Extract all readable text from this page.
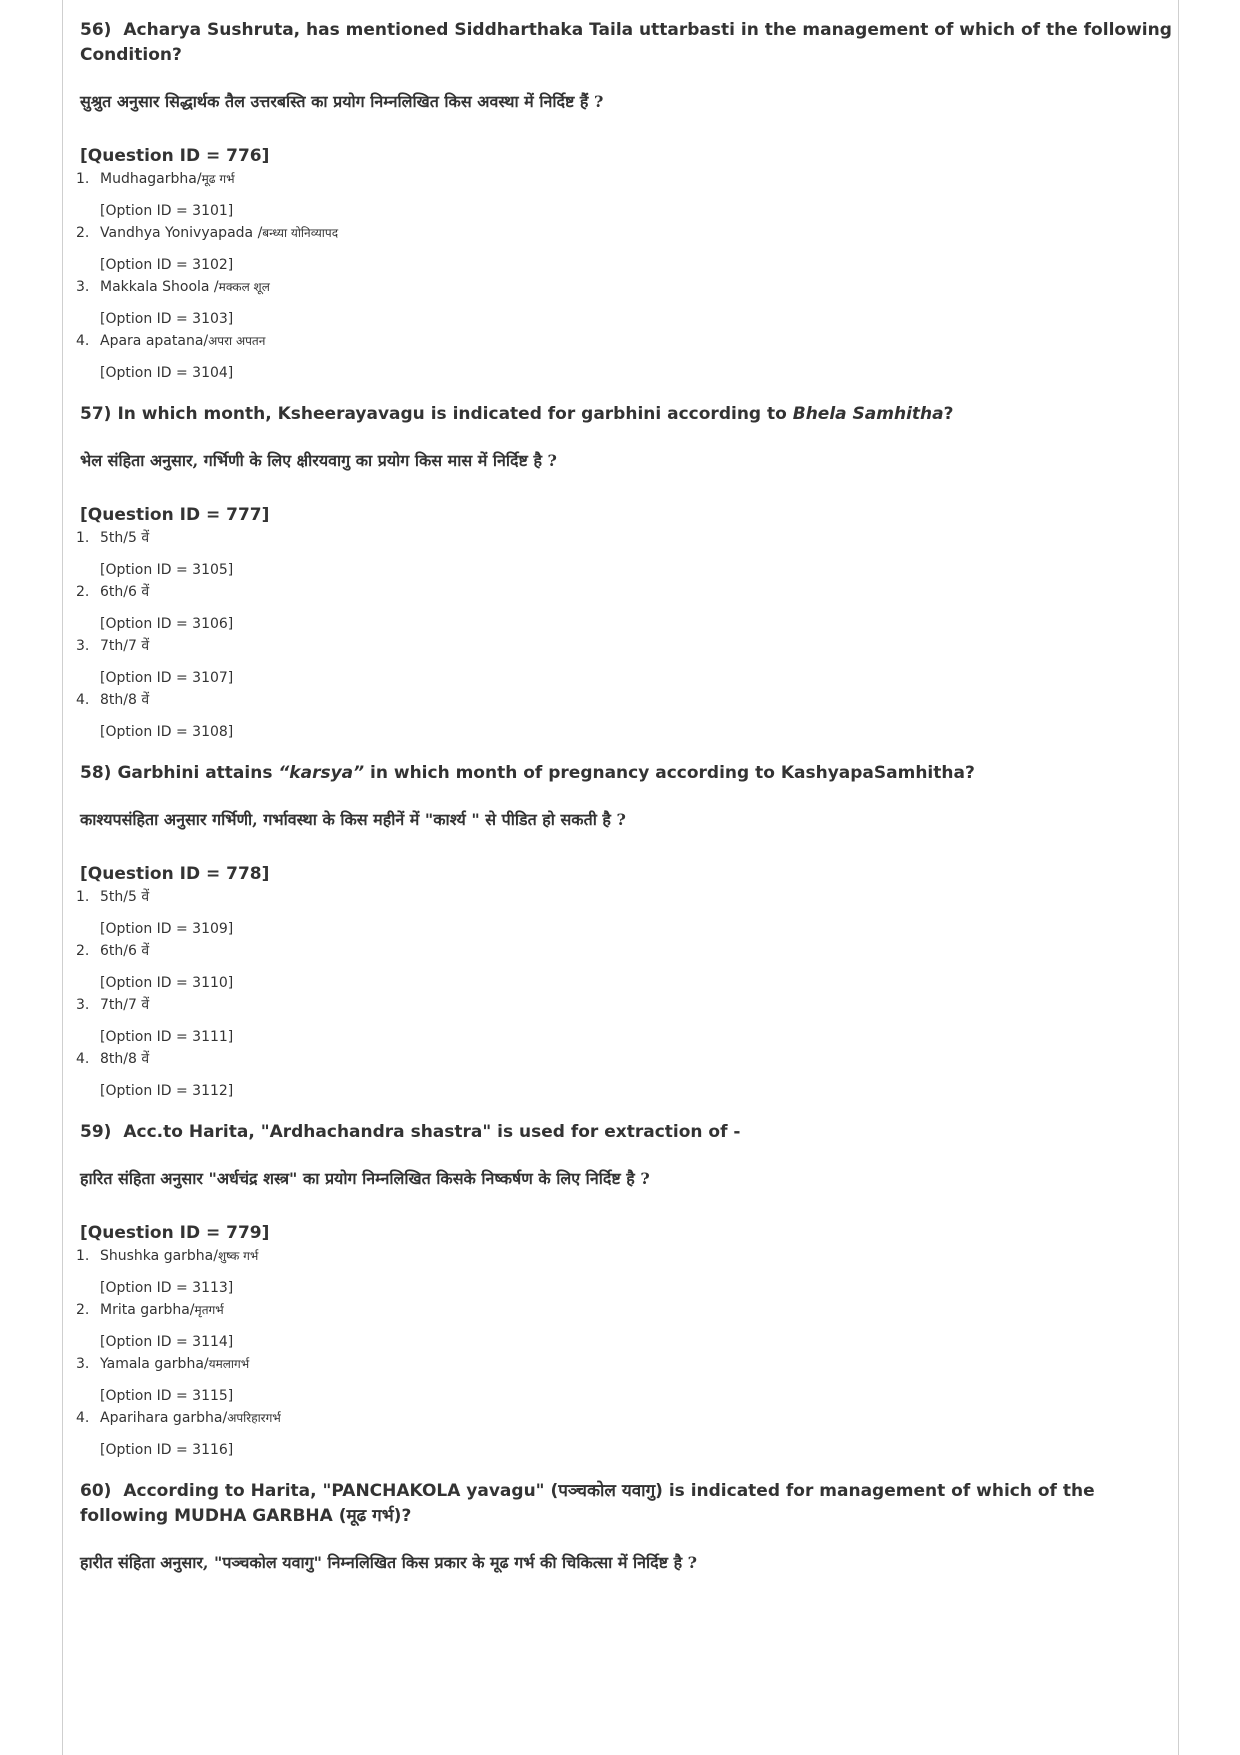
56) Acharya Sushruta, has mentioned Siddharthaka Taila uttarbasti in the management of which of the following Condition?
सुश्रुत अनुसार सिद्धार्थक तैल उत्तरबस्ति का प्रयोग निम्नलिखित किस अवस्था में निर्दिष्ट हैं ?
[Question ID = 776]
1. Mudhagarbha/मूढ गर्भ
[Option ID = 3101]
2. Vandhya Yonivyapada /बन्ध्या योनिव्यापद
[Option ID = 3102]
3. Makkala Shoola /मक्कल शूल
[Option ID = 3103]
4. Apara apatana/अपरा अपतन
[Option ID = 3104]
57) In which month, Ksheerayavagu is indicated for garbhini according to Bhela Samhitha?
भेल संहिता अनुसार, गर्भिणी के लिए क्षीरयवागु का प्रयोग किस मास में निर्दिष्ट है ?
[Question ID = 777]
1. 5th/5 वें
[Option ID = 3105]
2. 6th/6 वें
[Option ID = 3106]
3. 7th/7 वें
[Option ID = 3107]
4. 8th/8 वें
[Option ID = 3108]
58) Garbhini attains “karsya” in which month of pregnancy according to KashyapaSamhitha?
काश्यपसंहिता अनुसार गर्भिणी, गर्भावस्था के किस महीनें में "कार्श्य " से पीडित हो सकती है ?
[Question ID = 778]
1. 5th/5 वें
[Option ID = 3109]
2. 6th/6 वें
[Option ID = 3110]
3. 7th/7 वें
[Option ID = 3111]
4. 8th/8 वें
[Option ID = 3112]
59) Acc.to Harita, "Ardhachandra shastra" is used for extraction of -
हारित संहिता अनुसार "अर्धचंद्र शस्त्र" का प्रयोग निम्नलिखित किसके निष्कर्षण के लिए निर्दिष्ट है ?
[Question ID = 779]
1. Shushka garbha/शुष्क गर्भ
[Option ID = 3113]
2. Mrita garbha/मृतगर्भ
[Option ID = 3114]
3. Yamala garbha/यमलागर्भ
[Option ID = 3115]
4. Aparihara garbha/अपरिहारगर्भ
[Option ID = 3116]
60) According to Harita, "PANCHAKOLA yavagu" (पञ्चकोल यवागु) is indicated for management of which of the following MUDHA GARBHA (मूढ गर्भ)?
हारीत संहिता अनुसार, "पञ्चकोल यवागु" निम्नलिखित किस प्रकार के मूढ गर्भ की चिकित्सा में निर्दिष्ट है ?
